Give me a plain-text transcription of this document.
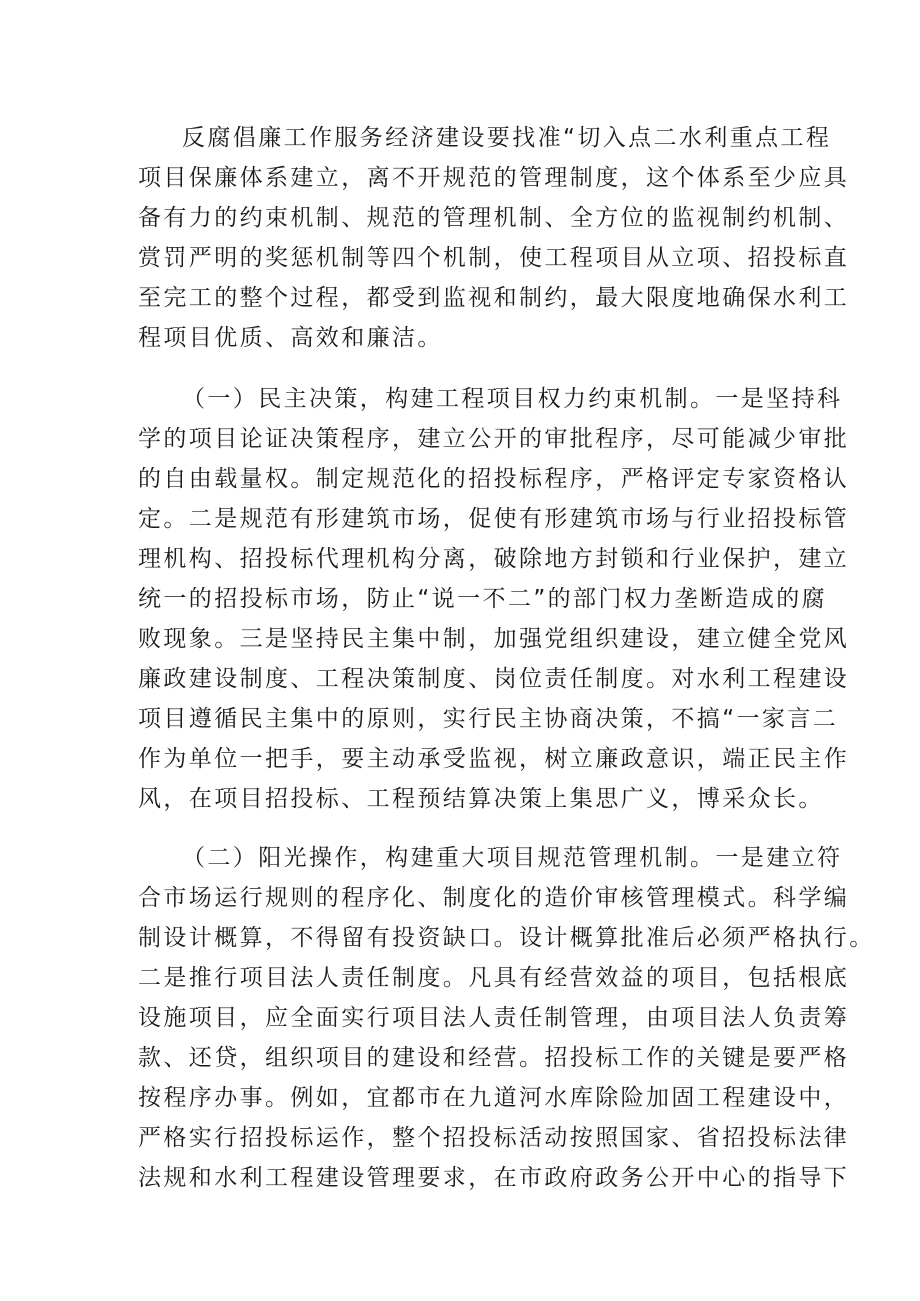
反腐倡廉工作服务经济建设要找准“切入点二水利重点工程
项目保廉体系建立，离不开规范的管理制度，这个体系至少应具
备有力的约束机制、规范的管理机制、全方位的监视制约机制、
赏罚严明的奖惩机制等四个机制，使工程项目从立项、招投标直
至完工的整个过程，都受到监视和制约，最大限度地确保水利工
程项目优质、高效和廉洁。
（一）民主决策，构建工程项目权力约束机制。一是坚持科
学的项目论证决策程序，建立公开的审批程序，尽可能减少审批
的自由载量权。制定规范化的招投标程序，严格评定专家资格认
定。二是规范有形建筑市场，促使有形建筑市场与行业招投标管
理机构、招投标代理机构分离，破除地方封锁和行业保护，建立
统一的招投标市场，防止“说一不二”的部门权力垄断造成的腐
败现象。三是坚持民主集中制，加强党组织建设，建立健全党风
廉政建设制度、工程决策制度、岗位责任制度。对水利工程建设
项目遵循民主集中的原则，实行民主协商决策，不搞“一家言二
作为单位一把手，要主动承受监视，树立廉政意识，端正民主作
风，在项目招投标、工程预结算决策上集思广义，博采众长。
（二）阳光操作，构建重大项目规范管理机制。一是建立符
合市场运行规则的程序化、制度化的造价审核管理模式。科学编
制设计概算，不得留有投资缺口。设计概算批准后必须严格执行。
二是推行项目法人责任制度。凡具有经营效益的项目，包括根底
设施项目，应全面实行项目法人责任制管理，由项目法人负责筹
款、还贷，组织项目的建设和经营。招投标工作的关键是要严格
按程序办事。例如，宜都市在九道河水库除险加固工程建设中，
严格实行招投标运作，整个招投标活动按照国家、省招投标法律
法规和水利工程建设管理要求，在市政府政务公开中心的指导下
